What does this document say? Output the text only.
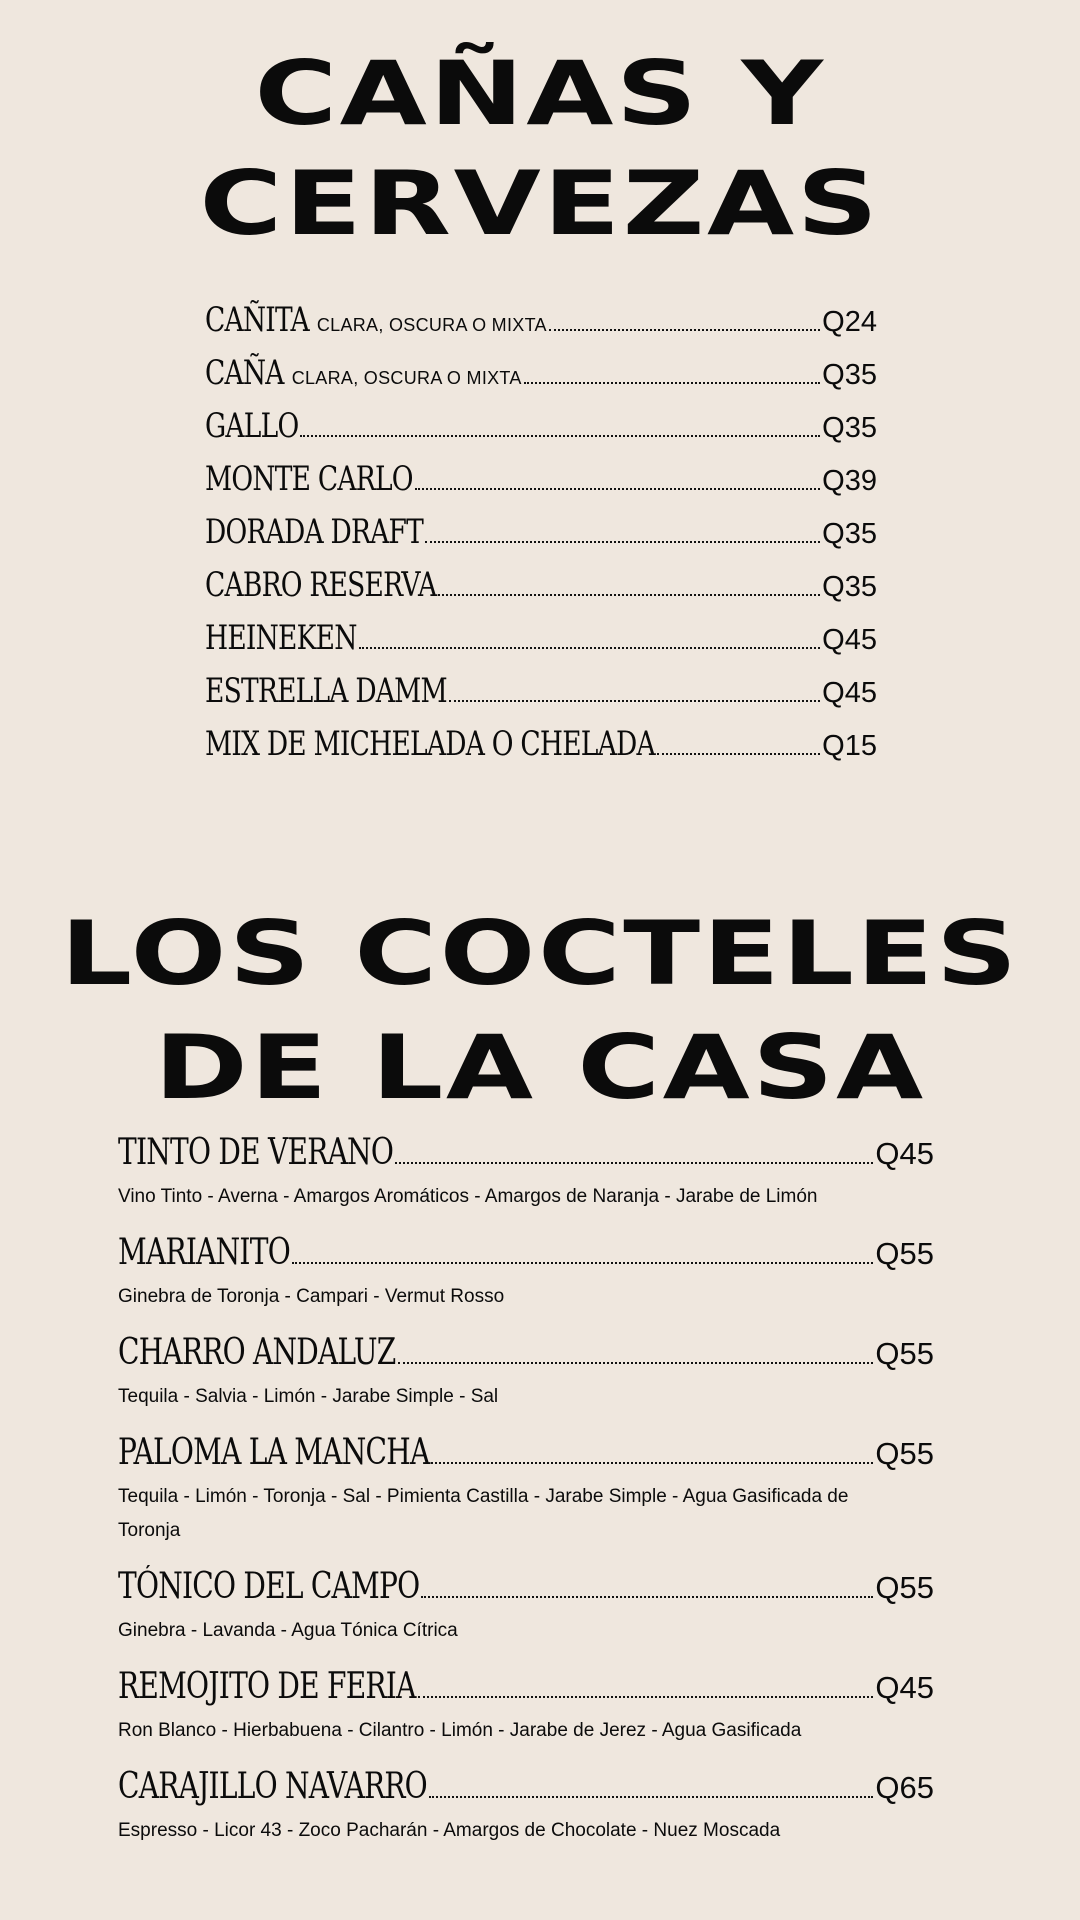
CAÑAS Y
CERVEZAS
CAÑITA CLARA, OSCURA O MIXTA	Q24
CAÑA CLARA, OSCURA O MIXTA	Q35
GALLO	Q35
MONTE CARLO	Q39
DORADA DRAFT	Q35
CABRO RESERVA	Q35
HEINEKEN	Q45
ESTRELLA DAMM	Q45
MIX DE MICHELADA O CHELADA	Q15
LOS COCTELES
DE LA CASA
TINTO DE VERANO	Q45
Vino Tinto - Averna - Amargos Aromáticos - Amargos de Naranja - Jarabe de Limón
MARIANITO	Q55
Ginebra de Toronja - Campari - Vermut Rosso
CHARRO ANDALUZ	Q55
Tequila - Salvia - Limón - Jarabe Simple - Sal
PALOMA LA MANCHA	Q55
Tequila - Limón - Toronja - Sal - Pimienta Castilla - Jarabe Simple - Agua Gasificada de Toronja
TÓNICO DEL CAMPO	Q55
Ginebra - Lavanda - Agua Tónica Cítrica
REMOJITO DE FERIA	Q45
Ron Blanco - Hierbabuena - Cilantro - Limón - Jarabe de Jerez - Agua Gasificada
CARAJILLO NAVARRO	Q65
Espresso - Licor 43 - Zoco Pacharán - Amargos de Chocolate - Nuez Moscada
